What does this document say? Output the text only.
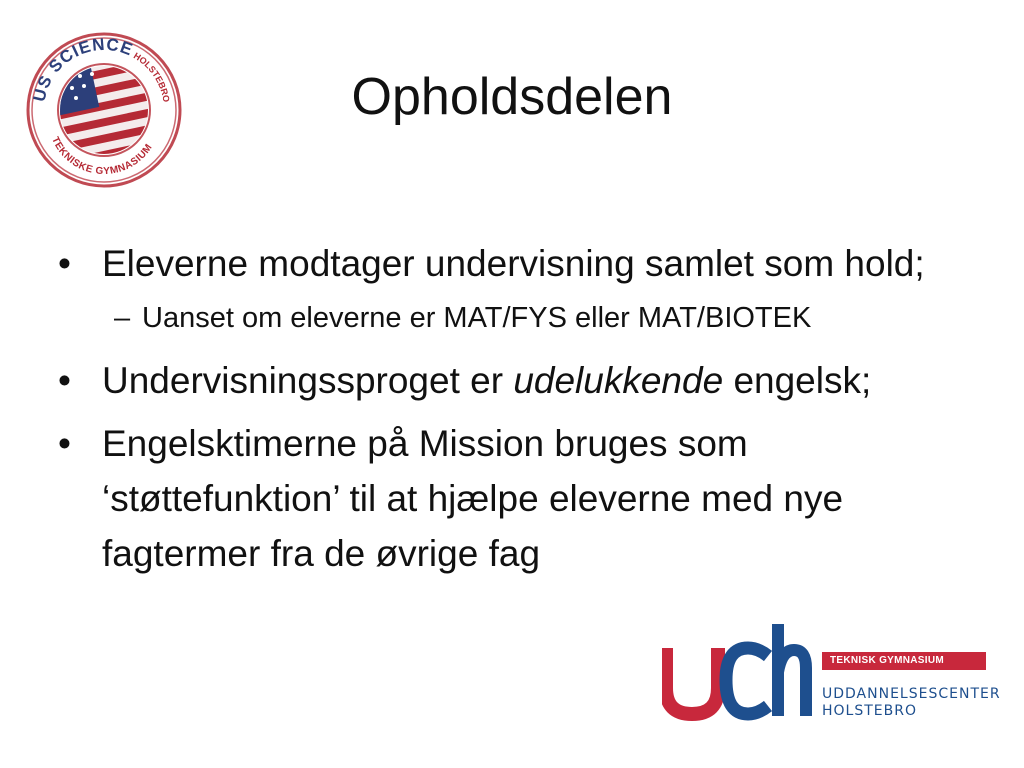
US SCIENCE
HOLSTEBRO
TEKNISKE GYMNASIUM
Opholdsdelen
• Eleverne modtager undervisning samlet som hold;
– Uanset om eleverne er MAT/FYS eller MAT/BIOTEK
• Undervisningssproget er udelukkende engelsk;
• Engelsktimerne på Mission bruges som ‘støttefunktion’ til at hjælpe eleverne med nye fagtermer fra de øvrige fag
TEKNISK GYMNASIUM
UDDANNELSESCENTER
HOLSTEBRO
